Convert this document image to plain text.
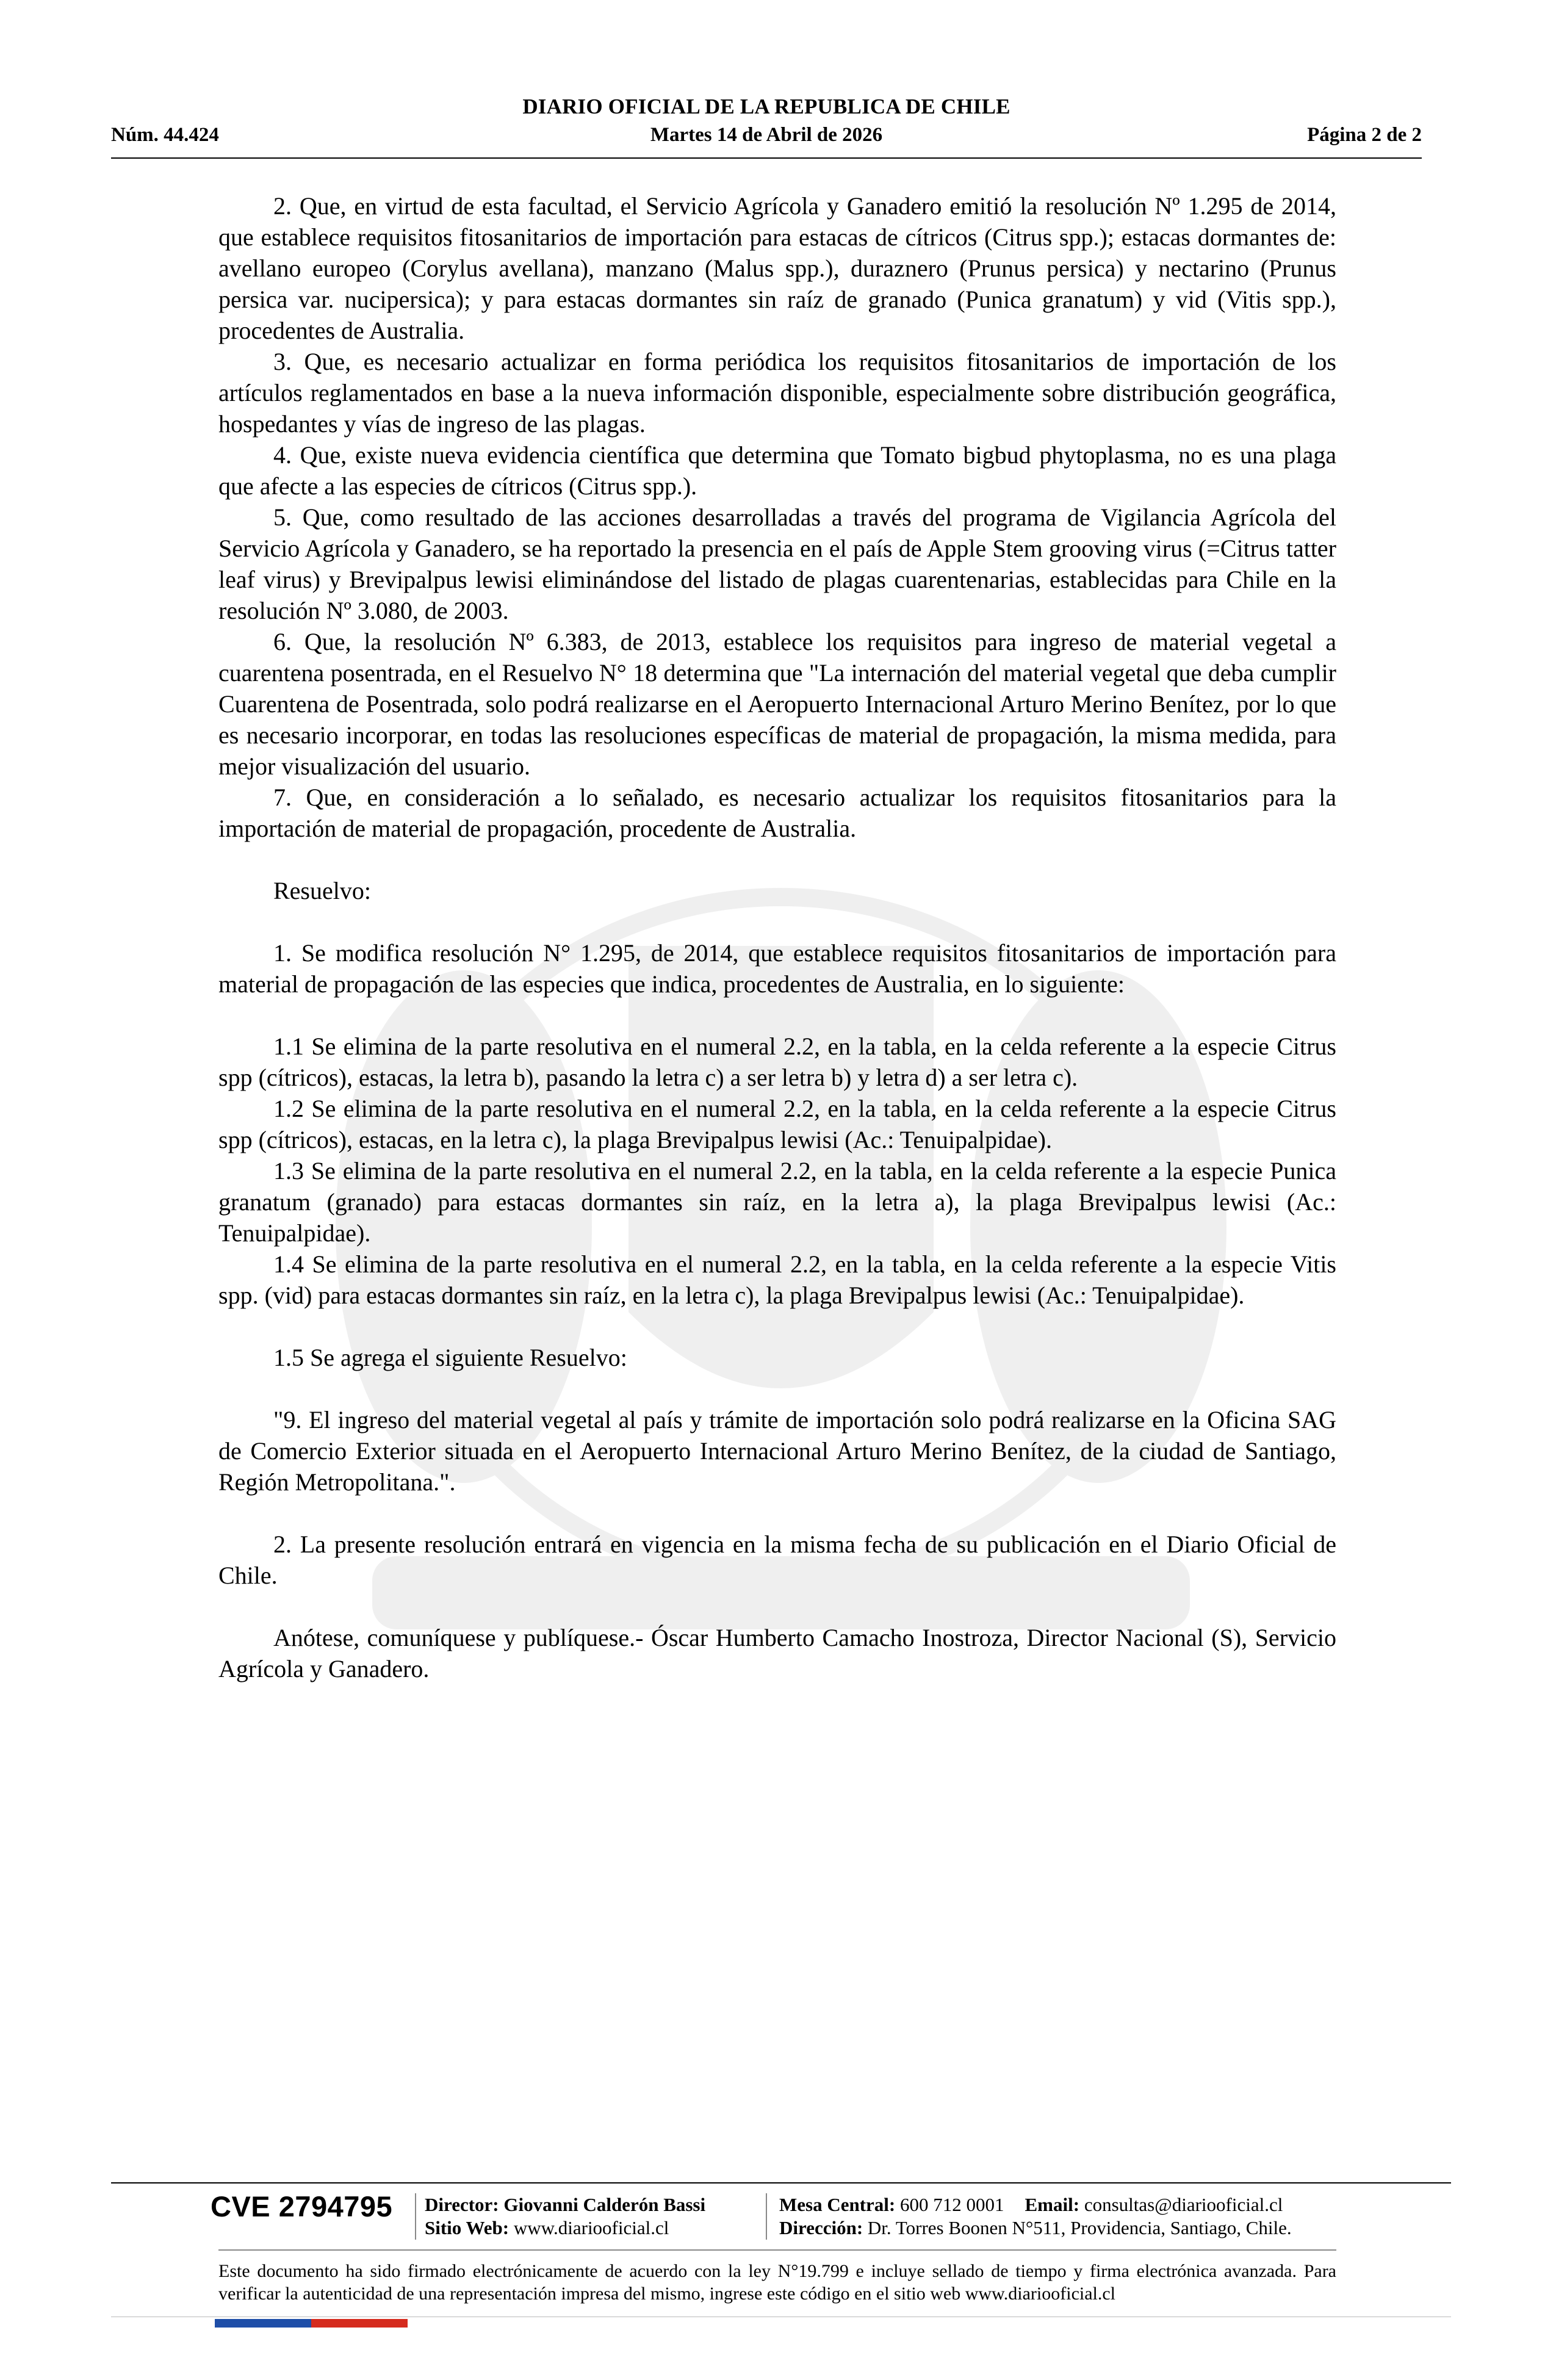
DIARIO OFICIAL DE LA REPUBLICA DE CHILE
Núm. 44.424	Martes 14 de Abril de 2026	Página 2 de 2

2. Que, en virtud de esta facultad, el Servicio Agrícola y Ganadero emitió la resolución Nº 1.295 de 2014, que establece requisitos fitosanitarios de importación para estacas de cítricos (Citrus spp.); estacas dormantes de: avellano europeo (Corylus avellana), manzano (Malus spp.), duraznero (Prunus persica) y nectarino (Prunus persica var. nucipersica); y para estacas dormantes sin raíz de granado (Punica granatum) y vid (Vitis spp.), procedentes de Australia.

3. Que, es necesario actualizar en forma periódica los requisitos fitosanitarios de importación de los artículos reglamentados en base a la nueva información disponible, especialmente sobre distribución geográfica, hospedantes y vías de ingreso de las plagas.

4. Que, existe nueva evidencia científica que determina que Tomato bigbud phytoplasma, no es una plaga que afecte a las especies de cítricos (Citrus spp.).

5. Que, como resultado de las acciones desarrolladas a través del programa de Vigilancia Agrícola del Servicio Agrícola y Ganadero, se ha reportado la presencia en el país de Apple Stem grooving virus (=Citrus tatter leaf virus) y Brevipalpus lewisi eliminándose del listado de plagas cuarentenarias, establecidas para Chile en la resolución Nº 3.080, de 2003.

6. Que, la resolución Nº 6.383, de 2013, establece los requisitos para ingreso de material vegetal a cuarentena posentrada, en el Resuelvo N° 18 determina que "La internación del material vegetal que deba cumplir Cuarentena de Posentrada, solo podrá realizarse en el Aeropuerto Internacional Arturo Merino Benítez, por lo que es necesario incorporar, en todas las resoluciones específicas de material de propagación, la misma medida, para mejor visualización del usuario.

7. Que, en consideración a lo señalado, es necesario actualizar los requisitos fitosanitarios para la importación de material de propagación, procedente de Australia.

Resuelvo:

1. Se modifica resolución N° 1.295, de 2014, que establece requisitos fitosanitarios de importación para material de propagación de las especies que indica, procedentes de Australia, en lo siguiente:

1.1 Se elimina de la parte resolutiva en el numeral 2.2, en la tabla, en la celda referente a la especie Citrus spp (cítricos), estacas, la letra b), pasando la letra c) a ser letra b) y letra d) a ser letra c).

1.2 Se elimina de la parte resolutiva en el numeral 2.2, en la tabla, en la celda referente a la especie Citrus spp (cítricos), estacas, en la letra c), la plaga Brevipalpus lewisi (Ac.: Tenuipalpidae).

1.3 Se elimina de la parte resolutiva en el numeral 2.2, en la tabla, en la celda referente a la especie Punica granatum (granado) para estacas dormantes sin raíz, en la letra a), la plaga Brevipalpus lewisi (Ac.: Tenuipalpidae).

1.4 Se elimina de la parte resolutiva en el numeral 2.2, en la tabla, en la celda referente a la especie Vitis spp. (vid) para estacas dormantes sin raíz, en la letra c), la plaga Brevipalpus lewisi (Ac.: Tenuipalpidae).

1.5 Se agrega el siguiente Resuelvo:

"9. El ingreso del material vegetal al país y trámite de importación solo podrá realizarse en la Oficina SAG de Comercio Exterior situada en el Aeropuerto Internacional Arturo Merino Benítez, de la ciudad de Santiago, Región Metropolitana.".

2. La presente resolución entrará en vigencia en la misma fecha de su publicación en el Diario Oficial de Chile.

Anótese, comuníquese y publíquese.- Óscar Humberto Camacho Inostroza, Director Nacional (S), Servicio Agrícola y Ganadero.

CVE 2794795 Director: Giovanni Calderón Bassi
Sitio Web: www.diariooficial.cl
Mesa Central: 600 712 0001 Email: consultas@diariooficial.cl
Dirección: Dr. Torres Boonen N°511, Providencia, Santiago, Chile.
Este documento ha sido firmado electrónicamente de acuerdo con la ley N°19.799 e incluye sellado de tiempo y firma electrónica avanzada. Para verificar la autenticidad de una representación impresa del mismo, ingrese este código en el sitio web www.diariooficial.cl
